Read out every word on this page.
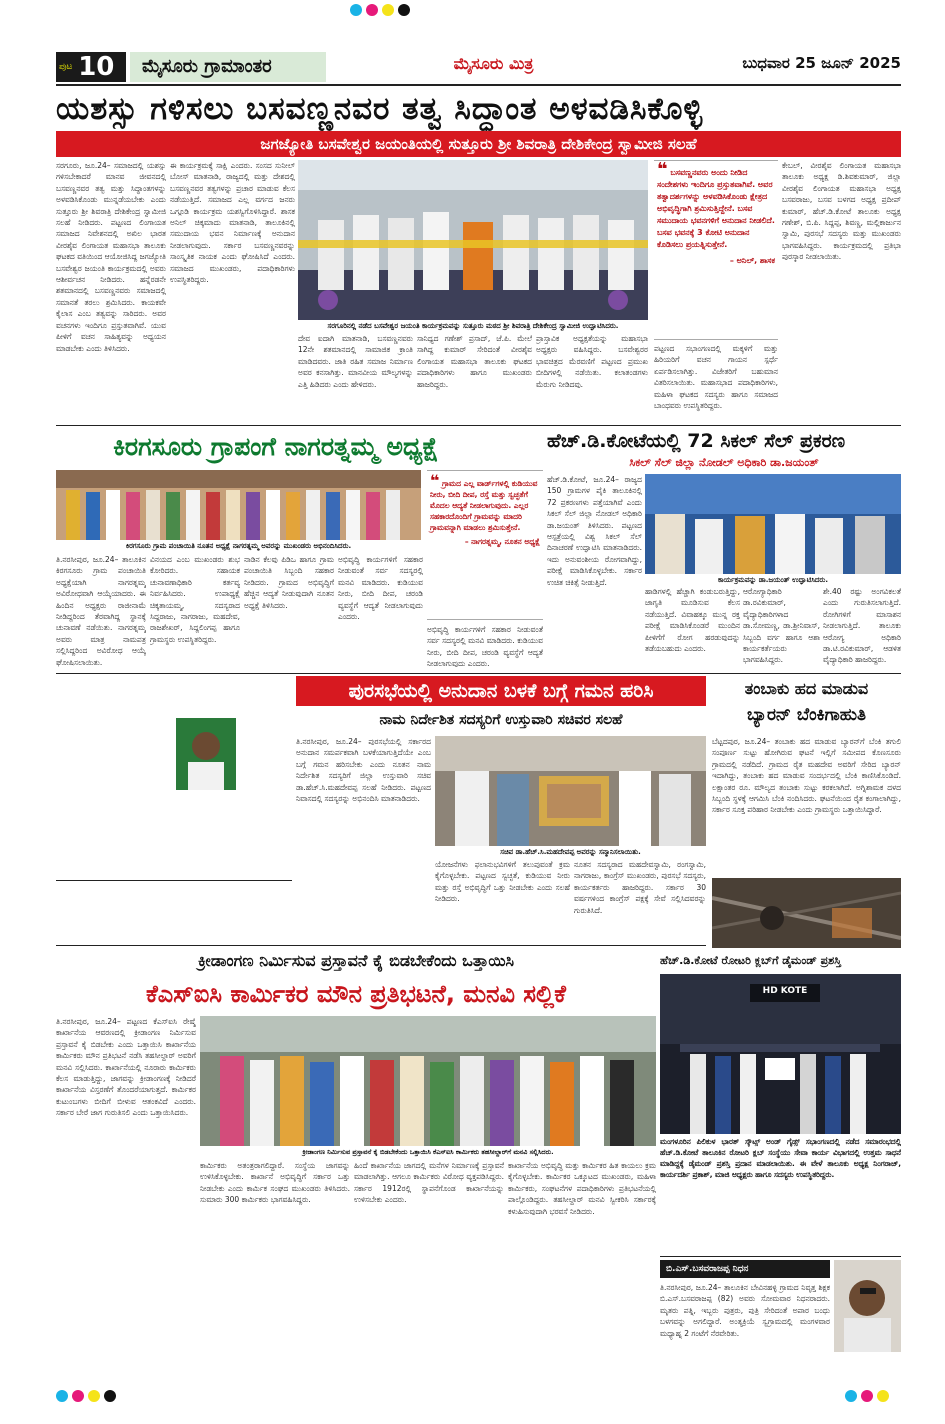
ಪುಟ 10	ಮೈಸೂರು ಗ್ರಾಮಾಂತರ	ಮೈಸೂರು ಮಿತ್ರ	ಬುಧವಾರ 25 ಜೂನ್ 2025
ಯಶಸ್ಸು ಗಳಿಸಲು ಬಸವಣ್ಣನವರ ತತ್ವ ಸಿದ್ಧಾಂತ ಅಳವಡಿಸಿಕೊಳ್ಳಿ
ಜಗಜ್ಯೋತಿ ಬಸವೇಶ್ವರ ಜಯಂತಿಯಲ್ಲಿ ಸುತ್ತೂರು ಶ್ರೀ ಶಿವರಾತ್ರಿ ದೇಶಿಕೇಂದ್ರ ಸ್ವಾಮೀಜಿ ಸಲಹೆ
ಸರಗೂರು, ಜೂ.24– ಸಮಾಜದಲ್ಲಿ ಯಶಸ್ಸು ಗಳಿಸಬೇಕಾದರೆ ಮಾನವ ಜೀವನದಲ್ಲಿ ಬಸವಣ್ಣನವರ ತತ್ವ ಮತ್ತು ಸಿದ್ಧಾಂತಗಳನ್ನು ಅಳವಡಿಸಿಕೊಂಡು ಮುನ್ನಡೆಯಬೇಕು ಎಂದು ಸುತ್ತೂರು ಶ್ರೀ ಶಿವರಾತ್ರಿ ದೇಶಿಕೇಂದ್ರ ಸ್ವಾಮೀಜಿ ಸಲಹೆ ನೀಡಿದರು. ಪಟ್ಟಣದ ಲಿಂಗಾಯತ ಸಮಾಜದ ನಿವೇಶನದಲ್ಲಿ ಅಖಿಲ ಭಾರತ ವೀರಶೈವ ಲಿಂಗಾಯತ ಮಹಾಸಭಾ ತಾಲೂಕು ಘಟಕದ ವತಿಯಿಂದ ಆಯೋಜಿಸಿದ್ದ ಜಗಜ್ಯೋತಿ ಬಸವೇಶ್ವರ ಜಯಂತಿ ಕಾರ್ಯಕ್ರಮದಲ್ಲಿ ಅವರು ಆಶೀರ್ವಚನ ನೀಡಿದರು. ಹನ್ನೆರಡನೇ ಶತಮಾನದಲ್ಲಿ ಬಸವಣ್ಣನವರು ಸಮಾಜದಲ್ಲಿ ಸಮಾನತೆ ತರಲು ಶ್ರಮಿಸಿದರು. ಕಾಯಕವೇ ಕೈಲಾಸ ಎಂಬ ತತ್ವವನ್ನು ಸಾರಿದರು. ಅವರ ವಚನಗಳು ಇಂದಿಗೂ ಪ್ರಸ್ತುತವಾಗಿವೆ. ಯುವ ಪೀಳಿಗೆ ವಚನ ಸಾಹಿತ್ಯವನ್ನು ಅಧ್ಯಯನ ಮಾಡಬೇಕು ಎಂದು ತಿಳಿಸಿದರು.
ಈ ಕಾರ್ಯಕ್ರಮಕ್ಕೆ ಸಾಕ್ಷಿ ಎಂದರು. ಸಂಸದ ಸುನೀಲ್ ಬೋಸ್ ಮಾತನಾಡಿ, ರಾಜ್ಯದಲ್ಲಿ ಮತ್ತು ದೇಶದಲ್ಲಿ ಬಸವಣ್ಣನವರ ತತ್ವಗಳನ್ನು ಪ್ರಚಾರ ಮಾಡುವ ಕೆಲಸ ನಡೆಯುತ್ತಿದೆ. ಸಮಾಜದ ಎಲ್ಲ ವರ್ಗದ ಜನರು ಒಗ್ಗೂಡಿ ಕಾರ್ಯಕ್ರಮ ಯಶಸ್ವಿಗೊಳಿಸಿದ್ದಾರೆ. ಶಾಸಕ ಅನಿಲ್ ಚಿಕ್ಕಮಾದು ಮಾತನಾಡಿ, ತಾಲೂಕಿನಲ್ಲಿ ಸಮುದಾಯ ಭವನ ನಿರ್ಮಾಣಕ್ಕೆ ಅನುದಾನ ನೀಡಲಾಗುವುದು. ಸರ್ಕಾರ ಬಸವಣ್ಣನವರನ್ನು ಸಾಂಸ್ಕೃತಿಕ ನಾಯಕ ಎಂದು ಘೋಷಿಸಿದೆ ಎಂದರು. ಸಮಾಜದ ಮುಖಂಡರು, ಪದಾಧಿಕಾರಿಗಳು ಉಪಸ್ಥಿತರಿದ್ದರು.
ಸರಗೂರಿನಲ್ಲಿ ನಡೆದ ಬಸವೇಶ್ವರ ಜಯಂತಿ ಕಾರ್ಯಕ್ರಮವನ್ನು ಸುತ್ತೂರು ಮಠದ ಶ್ರೀ ಶಿವರಾತ್ರಿ ದೇಶಿಕೇಂದ್ರ ಸ್ವಾಮೀಜಿ ಉದ್ಘಾಟಿಸಿದರು.
ದೇವ ಐದಾಗಿ ಮಾತನಾಡಿ, ಬಸವಣ್ಣನವರು 12ನೇ ಶತಮಾನದಲ್ಲಿ ಸಾಮಾಜಿಕ ಕ್ರಾಂತಿ ಮಾಡಿದವರು. ಜಾತಿ ರಹಿತ ಸಮಾಜ ನಿರ್ಮಾಣ ಅವರ ಕನಸಾಗಿತ್ತು. ಮಾನವೀಯ ಮೌಲ್ಯಗಳನ್ನು ಎತ್ತಿ ಹಿಡಿದರು ಎಂದು ಹೇಳಿದರು.
ಸಾನಿಧ್ಯದ ಗಣೇಶ್ ಪ್ರಸಾದ್, ಜೆ.ಪಿ. ಮೇಲೆ ಸಾಗಿದ್ದ ಕುಮಾರ್ ಸೇರಿದಂತೆ ವೀರಶೈವ ಲಿಂಗಾಯತ ಮಹಾಸಭಾ ತಾಲೂಕು ಘಟಕದ ಪದಾಧಿಕಾರಿಗಳು ಹಾಗೂ ಮುಖಂಡರು ಹಾಜರಿದ್ದರು.
ಪ್ರಾಸ್ತಾವಿಕ ಅಧ್ಯಕ್ಷತೆಯನ್ನು ಮಹಾಸಭಾ ಅಧ್ಯಕ್ಷರು ವಹಿಸಿದ್ದರು. ಬಸವೇಶ್ವರರ ಭಾವಚಿತ್ರದ ಮೆರವಣಿಗೆ ಪಟ್ಟಣದ ಪ್ರಮುಖ ಬೀದಿಗಳಲ್ಲಿ ನಡೆಯಿತು. ಕಲಾತಂಡಗಳು ಮೆರುಗು ನೀಡಿದವು.
❝ ಬಸವಣ್ಣನವರು ಅಂದು ನೀಡಿದ ಸಂದೇಶಗಳು ಇಂದಿಗೂ ಪ್ರಸ್ತುತವಾಗಿವೆ. ಅವರ ತತ್ವಾದರ್ಶಗಳನ್ನು ಅಳವಡಿಸಿಕೊಂಡು ಕ್ಷೇತ್ರದ ಅಭಿವೃದ್ಧಿಗಾಗಿ ಶ್ರಮಿಸುತ್ತಿದ್ದೇನೆ. ಬಸವ ಸಮುದಾಯ ಭವನಗಳಿಗೆ ಅನುದಾನ ನೀಡಲಿದೆ. ಬಸವ ಭವನಕ್ಕೆ 3 ಕೋಟಿ ಅನುದಾನ ಕೊಡಿಸಲು ಪ್ರಯತ್ನಿಸುತ್ತೇನೆ.
– ಅನಿಲ್, ಶಾಸಕ
ಪಟ್ಟಣದ ಸಭಾಂಗಣದಲ್ಲಿ ಮಕ್ಕಳಿಗೆ ಮತ್ತು ಹಿರಿಯರಿಗೆ ವಚನ ಗಾಯನ ಸ್ಪರ್ಧೆ ಏರ್ಪಡಿಸಲಾಗಿತ್ತು. ವಿಜೇತರಿಗೆ ಬಹುಮಾನ ವಿತರಿಸಲಾಯಿತು. ಮಹಾಸಭಾದ ಪದಾಧಿಕಾರಿಗಳು, ಮಹಿಳಾ ಘಟಕದ ಸದಸ್ಯರು ಹಾಗೂ ಸಮಾಜದ ಬಾಂಧವರು ಉಪಸ್ಥಿತರಿದ್ದರು.
ಕೇಬಲ್, ವೀರಶೈವ ಲಿಂಗಾಯತ ಮಹಾಸಭಾ ತಾಲೂಕು ಅಧ್ಯಕ್ಷ ಡಿ.ಶಿವಕುಮಾರ್, ಜಿಲ್ಲಾ ವೀರಶೈವ ಲಿಂಗಾಯತ ಮಹಾಸಭಾ ಅಧ್ಯಕ್ಷ ಬಸವರಾಜು, ಬಸವ ಬಳಗದ ಅಧ್ಯಕ್ಷ ಪ್ರದೀಪ್ ಕುಮಾರ್, ಹೆಚ್.ಡಿ.ಕೋಟೆ ತಾಲೂಕು ಅಧ್ಯಕ್ಷ ಗಣೇಶ್, ಬಿ.ಪಿ. ಸಿದ್ದಪ್ಪ, ಶಿವಣ್ಣ, ಮಲ್ಲಿಕಾರ್ಜುನ ಸ್ವಾಮಿ, ಪುರಸಭೆ ಸದಸ್ಯರು ಮತ್ತು ಮುಖಂಡರು ಭಾಗವಹಿಸಿದ್ದರು. ಕಾರ್ಯಕ್ರಮದಲ್ಲಿ ಪ್ರತಿಭಾ ಪುರಸ್ಕಾರ ನೀಡಲಾಯಿತು.
ಕಿರಗಸೂರು ಗ್ರಾಪಂಗೆ ನಾಗರತ್ನಮ್ಮ ಅಧ್ಯಕ್ಷೆ
ಕಿರಗಸೂರು ಗ್ರಾಮ ಪಂಚಾಯಿತಿ ನೂತನ ಅಧ್ಯಕ್ಷೆ ನಾಗರತ್ನಮ್ಮ ಅವರನ್ನು ಮುಖಂಡರು ಅಭಿನಂದಿಸಿದರು.
❝ ಗ್ರಾಮದ ಎಲ್ಲ ವಾರ್ಡ್‌ಗಳಲ್ಲಿ ಕುಡಿಯುವ ನೀರು, ಬೀದಿ ದೀಪ, ರಸ್ತೆ ಮತ್ತು ಸ್ವಚ್ಛತೆಗೆ ಮೊದಲ ಆದ್ಯತೆ ನೀಡಲಾಗುವುದು. ಎಲ್ಲರ ಸಹಕಾರದೊಂದಿಗೆ ಗ್ರಾಮವನ್ನು ಮಾದರಿ ಗ್ರಾಮವನ್ನಾಗಿ ಮಾಡಲು ಶ್ರಮಿಸುತ್ತೇನೆ.
– ನಾಗರತ್ನಮ್ಮ, ನೂತನ ಅಧ್ಯಕ್ಷೆ
ತಿ.ನರಸೀಪುರ, ಜೂ.24– ತಾಲೂಕಿನ ಕಿರಗಸೂರು ಗ್ರಾಮ ಪಂಚಾಯಿತಿ ಅಧ್ಯಕ್ಷೆಯಾಗಿ ನಾಗರತ್ನಮ್ಮ ಅವಿರೋಧವಾಗಿ ಆಯ್ಕೆಯಾದರು. ಈ ಹಿಂದಿನ ಅಧ್ಯಕ್ಷರು ರಾಜೀನಾಮೆ ನೀಡಿದ್ದರಿಂದ ತೆರವಾಗಿದ್ದ ಸ್ಥಾನಕ್ಕೆ ಚುನಾವಣೆ ನಡೆಯಿತು. ನಾಗರತ್ನಮ್ಮ ಅವರು ಮಾತ್ರ ನಾಮಪತ್ರ ಸಲ್ಲಿಸಿದ್ದರಿಂದ ಅವಿರೋಧ ಆಯ್ಕೆ ಘೋಷಿಸಲಾಯಿತು.
ವಿನಯದ ಎಂಬ ಮುಖಂಡರು ಶುಭ ಕೋರಿದರು. ಸಹಾಯಕ ಚುನಾವಣಾಧಿಕಾರಿ ಕರ್ತವ್ಯ ನಿರ್ವಹಿಸಿದರು. ಉಪಾಧ್ಯಕ್ಷೆ ಚಿಕ್ಕತಾಯಮ್ಮ, ಸದಸ್ಯರಾದ ಸಿದ್ದರಾಜು, ನಾಗರಾಜು, ಮಹದೇವ, ರಾಜಶೇಖರ್, ಸಿದ್ದಲಿಂಗಪ್ಪ ಹಾಗೂ ಗ್ರಾಮಸ್ಥರು ಉಪಸ್ಥಿತರಿದ್ದರು.
ನಾಡಿನ ಕೆಲವು ಪಿಡಿಒ ಹಾಗೂ ಗ್ರಾಮ ಪಂಚಾಯಿತಿ ಸಿಬ್ಬಂದಿ ಸಹಕಾರ ನೀಡಿದರು. ಗ್ರಾಮದ ಅಭಿವೃದ್ಧಿಗೆ ಹೆಚ್ಚಿನ ಆದ್ಯತೆ ನೀಡುವುದಾಗಿ ನೂತನ ಅಧ್ಯಕ್ಷೆ ತಿಳಿಸಿದರು.
ಅಭಿವೃದ್ಧಿ ಕಾರ್ಯಗಳಿಗೆ ಸಹಕಾರ ನೀಡುವಂತೆ ಸರ್ವ ಸದಸ್ಯರಲ್ಲಿ ಮನವಿ ಮಾಡಿದರು. ಕುಡಿಯುವ ನೀರು, ಬೀದಿ ದೀಪ, ಚರಂಡಿ ವ್ಯವಸ್ಥೆಗೆ ಆದ್ಯತೆ ನೀಡಲಾಗುವುದು ಎಂದರು.
ಅಭಿವೃದ್ಧಿ ಕಾರ್ಯಗಳಿಗೆ ಸಹಕಾರ ನೀಡುವಂತೆ ಸರ್ವ ಸದಸ್ಯರಲ್ಲಿ ಮನವಿ ಮಾಡಿದರು. ಕುಡಿಯುವ ನೀರು, ಬೀದಿ ದೀಪ, ಚರಂಡಿ ವ್ಯವಸ್ಥೆಗೆ ಆದ್ಯತೆ ನೀಡಲಾಗುವುದು ಎಂದರು.
ಹೆಚ್.ಡಿ.ಕೋಟೆಯಲ್ಲಿ 72 ಸಿಕಲ್ ಸೆಲ್ ಪ್ರಕರಣ
ಸಿಕಲ್ ಸೆಲ್ ಜಿಲ್ಲಾ ನೋಡಲ್ ಅಧಿಕಾರಿ ಡಾ.ಜಯಂತ್
ಹೆಚ್.ಡಿ.ಕೋಟೆ, ಜೂ.24– ರಾಜ್ಯದ 150 ಗ್ರಾಮಗಳ ಪೈಕಿ ತಾಲೂಕಿನಲ್ಲಿ 72 ಪ್ರಕರಣಗಳು ಪತ್ತೆಯಾಗಿವೆ ಎಂದು ಸಿಕಲ್ ಸೆಲ್ ಜಿಲ್ಲಾ ನೋಡಲ್ ಅಧಿಕಾರಿ ಡಾ.ಜಯಂತ್ ತಿಳಿಸಿದರು. ಪಟ್ಟಣದ ಆಸ್ಪತ್ರೆಯಲ್ಲಿ ವಿಶ್ವ ಸಿಕಲ್ ಸೆಲ್ ದಿನಾಚರಣೆ ಉದ್ಘಾಟಿಸಿ ಮಾತನಾಡಿದರು. ಇದು ಅನುವಂಶೀಯ ರೋಗವಾಗಿದ್ದು, ಪರೀಕ್ಷೆ ಮಾಡಿಸಿಕೊಳ್ಳಬೇಕು. ಸರ್ಕಾರ ಉಚಿತ ಚಿಕಿತ್ಸೆ ನೀಡುತ್ತಿದೆ.
ಹಾಡಿಗಳಲ್ಲಿ ಹೆಚ್ಚಾಗಿ ಕಂಡುಬರುತ್ತಿದ್ದು, ಜಾಗೃತಿ ಮೂಡಿಸುವ ಕೆಲಸ ನಡೆಯುತ್ತಿದೆ. ವಿವಾಹಕ್ಕೂ ಮುನ್ನ ರಕ್ತ ಪರೀಕ್ಷೆ ಮಾಡಿಸಿಕೊಂಡರೆ ಮುಂದಿನ ಪೀಳಿಗೆಗೆ ರೋಗ ಹರಡುವುದನ್ನು ತಡೆಯಬಹುದು ಎಂದರು.
ಕಾರ್ಯಕ್ರಮವನ್ನು ಡಾ.ಜಯಂತ್ ಉದ್ಘಾಟಿಸಿದರು.
ಆರೋಗ್ಯಾಧಿಕಾರಿ ಡಾ.ರವಿಕುಮಾರ್, ವೈದ್ಯಾಧಿಕಾರಿಗಳಾದ ಡಾ.ಸೋಮಣ್ಣ, ಡಾ.ಶ್ರೀನಿವಾಸ್, ಸಿಬ್ಬಂದಿ ವರ್ಗ ಹಾಗೂ ಆಶಾ ಕಾರ್ಯಕರ್ತೆಯರು ಭಾಗವಹಿಸಿದ್ದರು.
ಶೇ.40 ರಷ್ಟು ಅಂಗವಿಕಲತೆ ಎಂದು ಗುರುತಿಸಲಾಗುತ್ತಿದೆ. ರೋಗಿಗಳಿಗೆ ಮಾಸಾಶನ ನೀಡಲಾಗುತ್ತಿದೆ. ತಾಲೂಕು ಆರೋಗ್ಯ ಅಧಿಕಾರಿ ಡಾ.ಟಿ.ರವಿಕುಮಾರ್, ಆಡಳಿತ ವೈದ್ಯಾಧಿಕಾರಿ ಹಾಜರಿದ್ದರು.
ಪುರಸಭೆಯಲ್ಲಿ ಅನುದಾನ ಬಳಕೆ ಬಗ್ಗೆ ಗಮನ ಹರಿಸಿ
ನಾಮ ನಿರ್ದೇಶಿತ ಸದಸ್ಯರಿಗೆ ಉಸ್ತುವಾರಿ ಸಚಿವರ ಸಲಹೆ
ತಿ.ನರಸೀಪುರ, ಜೂ.24– ಪುರಸಭೆಯಲ್ಲಿ ಸರ್ಕಾರದ ಅನುದಾನ ಸಮರ್ಪಕವಾಗಿ ಬಳಕೆಯಾಗುತ್ತಿದೆಯೇ ಎಂಬ ಬಗ್ಗೆ ಗಮನ ಹರಿಸಬೇಕು ಎಂದು ನೂತನ ನಾಮ ನಿರ್ದೇಶಿತ ಸದಸ್ಯರಿಗೆ ಜಿಲ್ಲಾ ಉಸ್ತುವಾರಿ ಸಚಿವ ಡಾ.ಹೆಚ್.ಸಿ.ಮಹದೇವಪ್ಪ ಸಲಹೆ ನೀಡಿದರು. ಪಟ್ಟಣದ ನಿವಾಸದಲ್ಲಿ ಸದಸ್ಯರನ್ನು ಅಭಿನಂದಿಸಿ ಮಾತನಾಡಿದರು.
ಸಚಿವ ಡಾ.ಹೆಚ್.ಸಿ.ಮಹದೇವಪ್ಪ ಅವರನ್ನು ಸನ್ಮಾನಿಸಲಾಯಿತು.
ಯೋಜನೆಗಳು ಫಲಾನುಭವಿಗಳಿಗೆ ತಲುಪುವಂತೆ ಕ್ರಮ ಕೈಗೊಳ್ಳಬೇಕು. ಪಟ್ಟಣದ ಸ್ವಚ್ಛತೆ, ಕುಡಿಯುವ ನೀರು ಮತ್ತು ರಸ್ತೆ ಅಭಿವೃದ್ಧಿಗೆ ಒತ್ತು ನೀಡಬೇಕು ಎಂದು ಸಲಹೆ ನೀಡಿದರು.
ನೂತನ ಸದಸ್ಯರಾದ ಮಹದೇವಸ್ವಾಮಿ, ರಂಗಸ್ವಾಮಿ, ನಾಗರಾಜು, ಕಾಂಗ್ರೆಸ್ ಮುಖಂಡರು, ಪುರಸಭೆ ಸದಸ್ಯರು, ಕಾರ್ಯಕರ್ತರು ಹಾಜರಿದ್ದರು. ಸರ್ಕಾರ 30 ವರ್ಷಗಳಿಂದ ಕಾಂಗ್ರೆಸ್ ಪಕ್ಷಕ್ಕೆ ಸೇವೆ ಸಲ್ಲಿಸಿದವರನ್ನು ಗುರುತಿಸಿದೆ.
ತಂಬಾಕು ಹದ ಮಾಡುವ
ಬ್ಯಾರನ್ ಬೆಂಕಿಗಾಹುತಿ
ಬೆಟ್ಟದಪುರ, ಜೂ.24– ತಂಬಾಕು ಹದ ಮಾಡುವ ಬ್ಯಾರನ್‌ಗೆ ಬೆಂಕಿ ತಗುಲಿ ಸಂಪೂರ್ಣ ಸುಟ್ಟು ಹೋಗಿರುವ ಘಟನೆ ಇಲ್ಲಿಗೆ ಸಮೀಪದ ಕೊಣಸೂರು ಗ್ರಾಮದಲ್ಲಿ ನಡೆದಿದೆ. ಗ್ರಾಮದ ರೈತ ಮಹದೇವ ಅವರಿಗೆ ಸೇರಿದ ಬ್ಯಾರನ್ ಇದಾಗಿದ್ದು, ತಂಬಾಕು ಹದ ಮಾಡುವ ಸಂದರ್ಭದಲ್ಲಿ ಬೆಂಕಿ ಕಾಣಿಸಿಕೊಂಡಿದೆ. ಲಕ್ಷಾಂತರ ರೂ. ಮೌಲ್ಯದ ತಂಬಾಕು ಸುಟ್ಟು ಕರಕಲಾಗಿದೆ. ಅಗ್ನಿಶಾಮಕ ದಳದ ಸಿಬ್ಬಂದಿ ಸ್ಥಳಕ್ಕೆ ಆಗಮಿಸಿ ಬೆಂಕಿ ನಂದಿಸಿದರು. ಘಟನೆಯಿಂದ ರೈತ ಕಂಗಾಲಾಗಿದ್ದು, ಸರ್ಕಾರ ಸೂಕ್ತ ಪರಿಹಾರ ನೀಡಬೇಕು ಎಂದು ಗ್ರಾಮಸ್ಥರು ಒತ್ತಾಯಿಸಿದ್ದಾರೆ.
ಕ್ರೀಡಾಂಗಣ ನಿರ್ಮಿಸುವ ಪ್ರಸ್ತಾವನೆ ಕೈ ಬಿಡಬೇಕೆಂದು ಒತ್ತಾಯಿಸಿ
ಕೆಎಸ್‌ಐಸಿ ಕಾರ್ಮಿಕರ ಮೌನ ಪ್ರತಿಭಟನೆ, ಮನವಿ ಸಲ್ಲಿಕೆ
ತಿ.ನರಸೀಪುರ, ಜೂ.24– ಪಟ್ಟಣದ ಕೆಎಸ್‌ಐಸಿ ರೇಷ್ಮೆ ಕಾರ್ಖಾನೆಯ ಆವರಣದಲ್ಲಿ ಕ್ರೀಡಾಂಗಣ ನಿರ್ಮಿಸುವ ಪ್ರಸ್ತಾವನೆ ಕೈ ಬಿಡಬೇಕು ಎಂದು ಒತ್ತಾಯಿಸಿ ಕಾರ್ಖಾನೆಯ ಕಾರ್ಮಿಕರು ಮೌನ ಪ್ರತಿಭಟನೆ ನಡೆಸಿ ತಹಸೀಲ್ದಾರ್ ಅವರಿಗೆ ಮನವಿ ಸಲ್ಲಿಸಿದರು. ಕಾರ್ಖಾನೆಯಲ್ಲಿ ನೂರಾರು ಕಾರ್ಮಿಕರು ಕೆಲಸ ಮಾಡುತ್ತಿದ್ದು, ಜಾಗವನ್ನು ಕ್ರೀಡಾಂಗಣಕ್ಕೆ ನೀಡಿದರೆ ಕಾರ್ಖಾನೆಯ ವಿಸ್ತರಣೆಗೆ ತೊಂದರೆಯಾಗುತ್ತದೆ. ಕಾರ್ಮಿಕರ ಕುಟುಂಬಗಳು ಬೀದಿಗೆ ಬೀಳುವ ಆತಂಕವಿದೆ ಎಂದರು. ಸರ್ಕಾರ ಬೇರೆ ಜಾಗ ಗುರುತಿಸಲಿ ಎಂದು ಒತ್ತಾಯಿಸಿದರು.
ಕ್ರೀಡಾಂಗಣ ನಿರ್ಮಿಸುವ ಪ್ರಸ್ತಾವನೆ ಕೈ ಬಿಡಬೇಕೆಂದು ಒತ್ತಾಯಿಸಿ ಕೆಎಸ್‌ಐಸಿ ಕಾರ್ಮಿಕರು ತಹಸೀಲ್ದಾರ್‌ಗೆ ಮನವಿ ಸಲ್ಲಿಸಿದರು.
ಕಾರ್ಮಿಕರು ಅತಂತ್ರರಾಗಲಿದ್ದಾರೆ. ಸಂಸ್ಥೆಯ ಜಾಗವನ್ನು ಉಳಿಸಿಕೊಳ್ಳಬೇಕು. ಕಾರ್ಖಾನೆ ಅಭಿವೃದ್ಧಿಗೆ ಸರ್ಕಾರ ಒತ್ತು ನೀಡಬೇಕು ಎಂದು ಕಾರ್ಮಿಕ ಸಂಘದ ಮುಖಂಡರು ತಿಳಿಸಿದರು. ಸುಮಾರು 300 ಕಾರ್ಮಿಕರು ಭಾಗವಹಿಸಿದ್ದರು.
ಹಿಂದೆ ಕಾರ್ಖಾನೆಯ ಜಾಗದಲ್ಲಿ ಮನೆಗಳ ನಿರ್ಮಾಣಕ್ಕೆ ಪ್ರಸ್ತಾವನೆ ಮಾಡಲಾಗಿತ್ತು. ಆಗಲೂ ಕಾರ್ಮಿಕರು ವಿರೋಧ ವ್ಯಕ್ತಪಡಿಸಿದ್ದರು. ಸರ್ಕಾರ 1912ರಲ್ಲಿ ಸ್ಥಾಪನೆಗೊಂಡ ಕಾರ್ಖಾನೆಯನ್ನು ಉಳಿಸಬೇಕು ಎಂದರು.
ಕಾರ್ಖಾನೆಯ ಅಭಿವೃದ್ಧಿ ಮತ್ತು ಕಾರ್ಮಿಕರ ಹಿತ ಕಾಯಲು ಕ್ರಮ ಕೈಗೊಳ್ಳಬೇಕು. ಕಾರ್ಮಿಕರ ಒಕ್ಕೂಟದ ಮುಖಂಡರು, ಮಹಿಳಾ ಕಾರ್ಮಿಕರು, ಸಂಘಟನೆಗಳ ಪದಾಧಿಕಾರಿಗಳು ಪ್ರತಿಭಟನೆಯಲ್ಲಿ ಪಾಲ್ಗೊಂಡಿದ್ದರು. ತಹಸೀಲ್ದಾರ್ ಮನವಿ ಸ್ವೀಕರಿಸಿ ಸರ್ಕಾರಕ್ಕೆ ಕಳುಹಿಸುವುದಾಗಿ ಭರವಸೆ ನೀಡಿದರು.
ಹೆಚ್.ಡಿ.ಕೋಟೆ ರೋಟರಿ ಕ್ಲಬ್‌ಗೆ ಡೈಮಂಡ್ ಪ್ರಶಸ್ತಿ
HD KOTE
ಮಂಗಳೂರಿನ ಪಿಲಿಕುಳ ಭಾರತ್ ಸ್ಕೌಟ್ಸ್ ಅಂಡ್ ಗೈಡ್ಸ್ ಸಭಾಂಗಣದಲ್ಲಿ ನಡೆದ ಸಮಾರಂಭದಲ್ಲಿ ಹೆಚ್.ಡಿ.ಕೋಟೆ ತಾಲೂಕಿನ ರೋಟರಿ ಕ್ಲಬ್ ಸಂಸ್ಥೆಯು ಸೇವಾ ಕಾರ್ಯ ವಿಭಾಗದಲ್ಲಿ ಉತ್ತಮ ಸಾಧನೆ ಮಾಡಿದ್ದಕ್ಕೆ ಡೈಮಂಡ್ ಪ್ರಶಸ್ತಿ ಪ್ರದಾನ ಮಾಡಲಾಯಿತು. ಈ ವೇಳೆ ತಾಲೂಕು ಅಧ್ಯಕ್ಷ ನಿಂಗರಾಜ್, ಕಾರ್ಯದರ್ಶಿ ಪ್ರಕಾಶ್, ಮಾಜಿ ಅಧ್ಯಕ್ಷರು ಹಾಗೂ ಸದಸ್ಯರು ಉಪಸ್ಥಿತರಿದ್ದರು.
ಬಿ.ಎಸ್.ಬಸವರಾಜಪ್ಪ ನಿಧನ
ತಿ.ನರಸೀಪುರ, ಜೂ.24– ತಾಲೂಕಿನ ಬೇವಿನಹಳ್ಳಿ ಗ್ರಾಮದ ನಿವೃತ್ತ ಶಿಕ್ಷಕ ಬಿ.ಎಸ್.ಬಸವರಾಜಪ್ಪ (82) ಅವರು ಸೋಮವಾರ ನಿಧನರಾದರು. ಮೃತರು ಪತ್ನಿ, ಇಬ್ಬರು ಪುತ್ರರು, ಪುತ್ರಿ ಸೇರಿದಂತೆ ಅಪಾರ ಬಂಧು ಬಳಗವನ್ನು ಅಗಲಿದ್ದಾರೆ. ಅಂತ್ಯಕ್ರಿಯೆ ಸ್ವಗ್ರಾಮದಲ್ಲಿ ಮಂಗಳವಾರ ಮಧ್ಯಾಹ್ನ 2 ಗಂಟೆಗೆ ನೆರವೇರಿತು.
